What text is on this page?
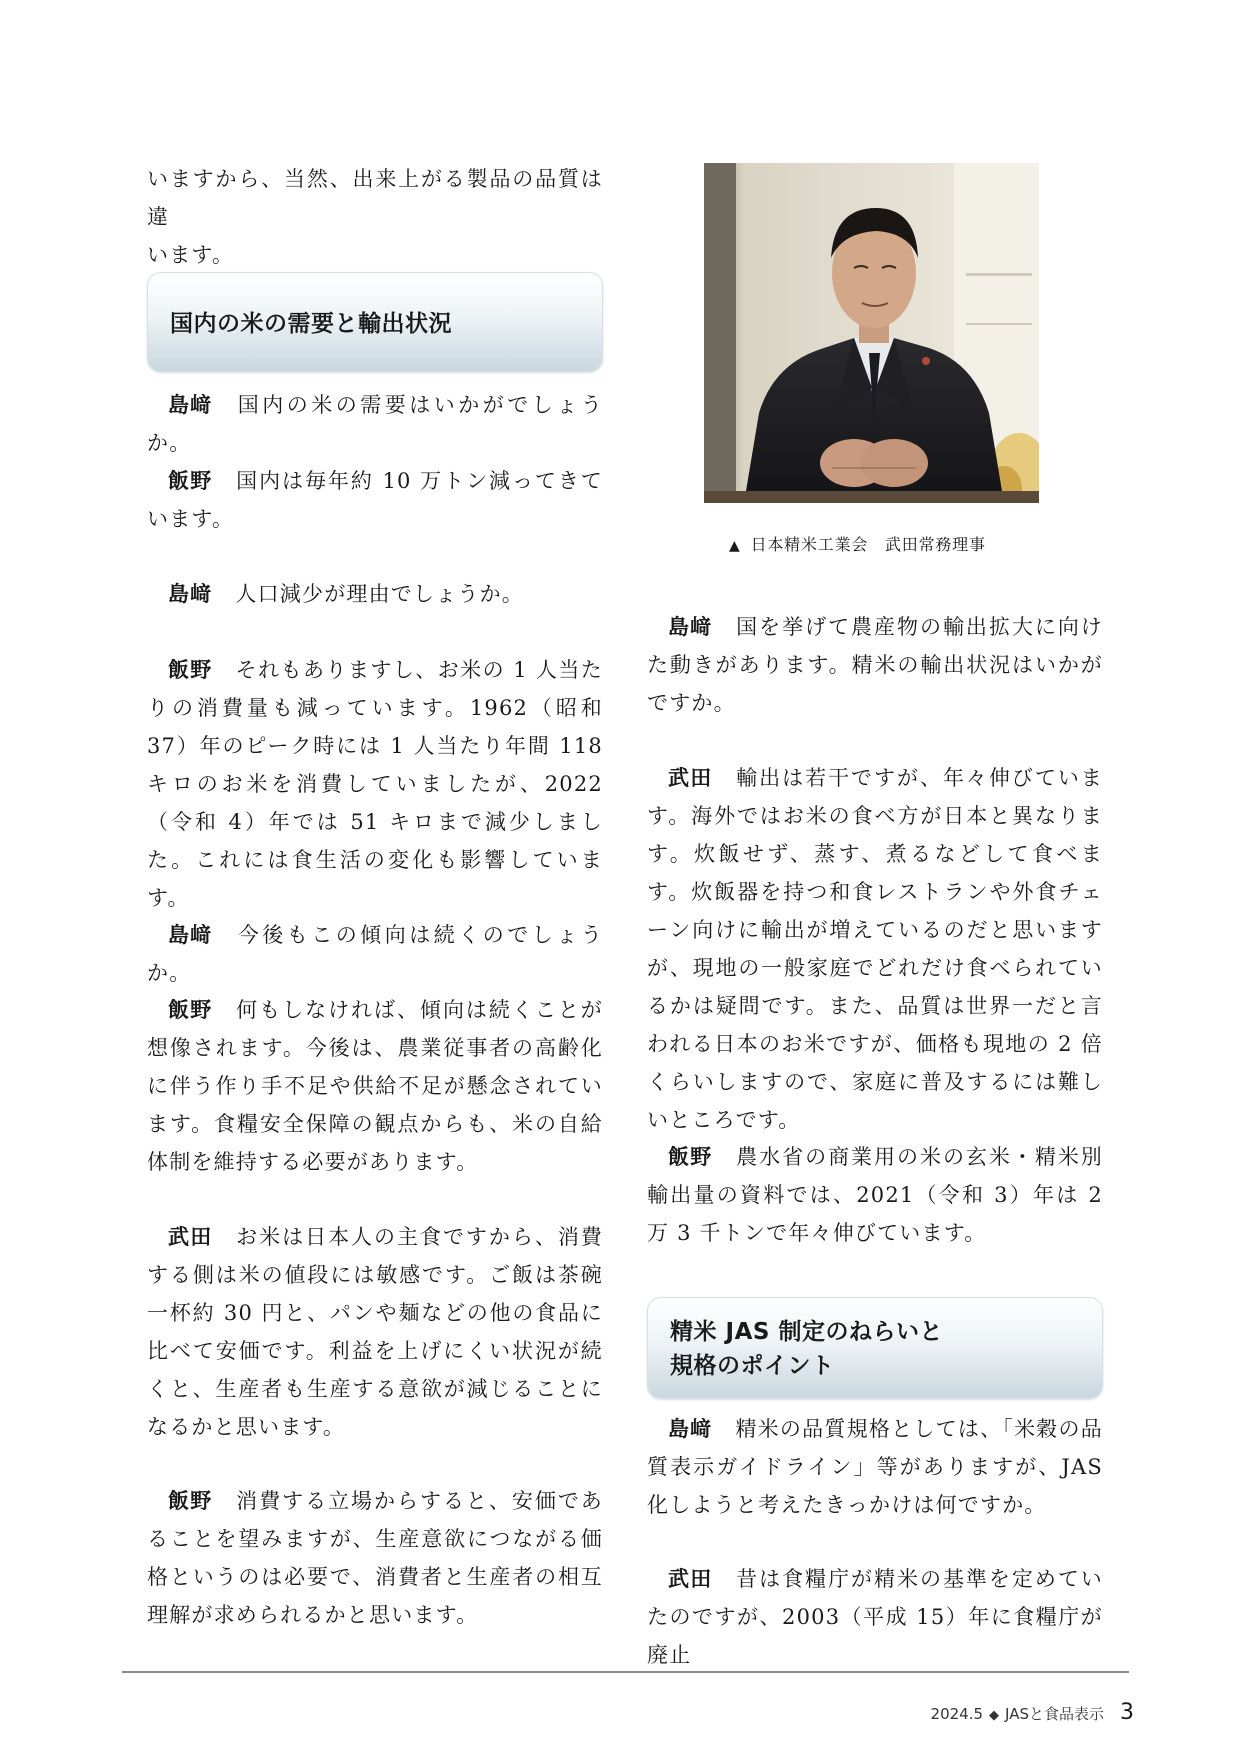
いますから、当然、出来上がる製品の品質は違
います。
国内の米の需要と輸出状況
島﨑 国内の米の需要はいかがでしょうか。
飯野 国内は毎年約 10 万トン減ってきています。
島﨑 人口減少が理由でしょうか。
飯野 それもありますし、お米の 1 人当たりの消費量も減っています。1962（昭和 37）年のピーク時には 1 人当たり年間 118 キロのお米を消費していましたが、2022（令和 4）年では 51 キロまで減少しました。これには食生活の変化も影響しています。
島﨑 今後もこの傾向は続くのでしょうか。
飯野 何もしなければ、傾向は続くことが想像されます。今後は、農業従事者の高齢化に伴う作り手不足や供給不足が懸念されています。食糧安全保障の観点からも、米の自給体制を維持する必要があります。
武田 お米は日本人の主食ですから、消費する側は米の値段には敏感です。ご飯は茶碗一杯約 30 円と、パンや麺などの他の食品に比べて安価です。利益を上げにくい状況が続くと、生産者も生産する意欲が減じることになるかと思います。
飯野 消費する立場からすると、安価であることを望みますが、生産意欲につながる価格というのは必要で、消費者と生産者の相互理解が求められるかと思います。
▲ 日本精米工業会　武田常務理事
島﨑 国を挙げて農産物の輸出拡大に向けた動きがあります。精米の輸出状況はいかがですか。
武田 輸出は若干ですが、年々伸びています。海外ではお米の食べ方が日本と異なります。炊飯せず、蒸す、煮るなどして食べます。炊飯器を持つ和食レストランや外食チェーン向けに輸出が増えているのだと思いますが、現地の一般家庭でどれだけ食べられているかは疑問です。また、品質は世界一だと言われる日本のお米ですが、価格も現地の 2 倍くらいしますので、家庭に普及するには難しいところです。
飯野 農水省の商業用の米の玄米・精米別輸出量の資料では、2021（令和 3）年は 2 万 3 千トンで年々伸びています。
精米 JAS 制定のねらいと
規格のポイント
島﨑 精米の品質規格としては、「米穀の品質表示ガイドライン」等がありますが、JAS 化しようと考えたきっかけは何ですか。
武田 昔は食糧庁が精米の基準を定めていたのですが、2003（平成 15）年に食糧庁が廃止
2024.5 ◆ JASと食品表示 3
